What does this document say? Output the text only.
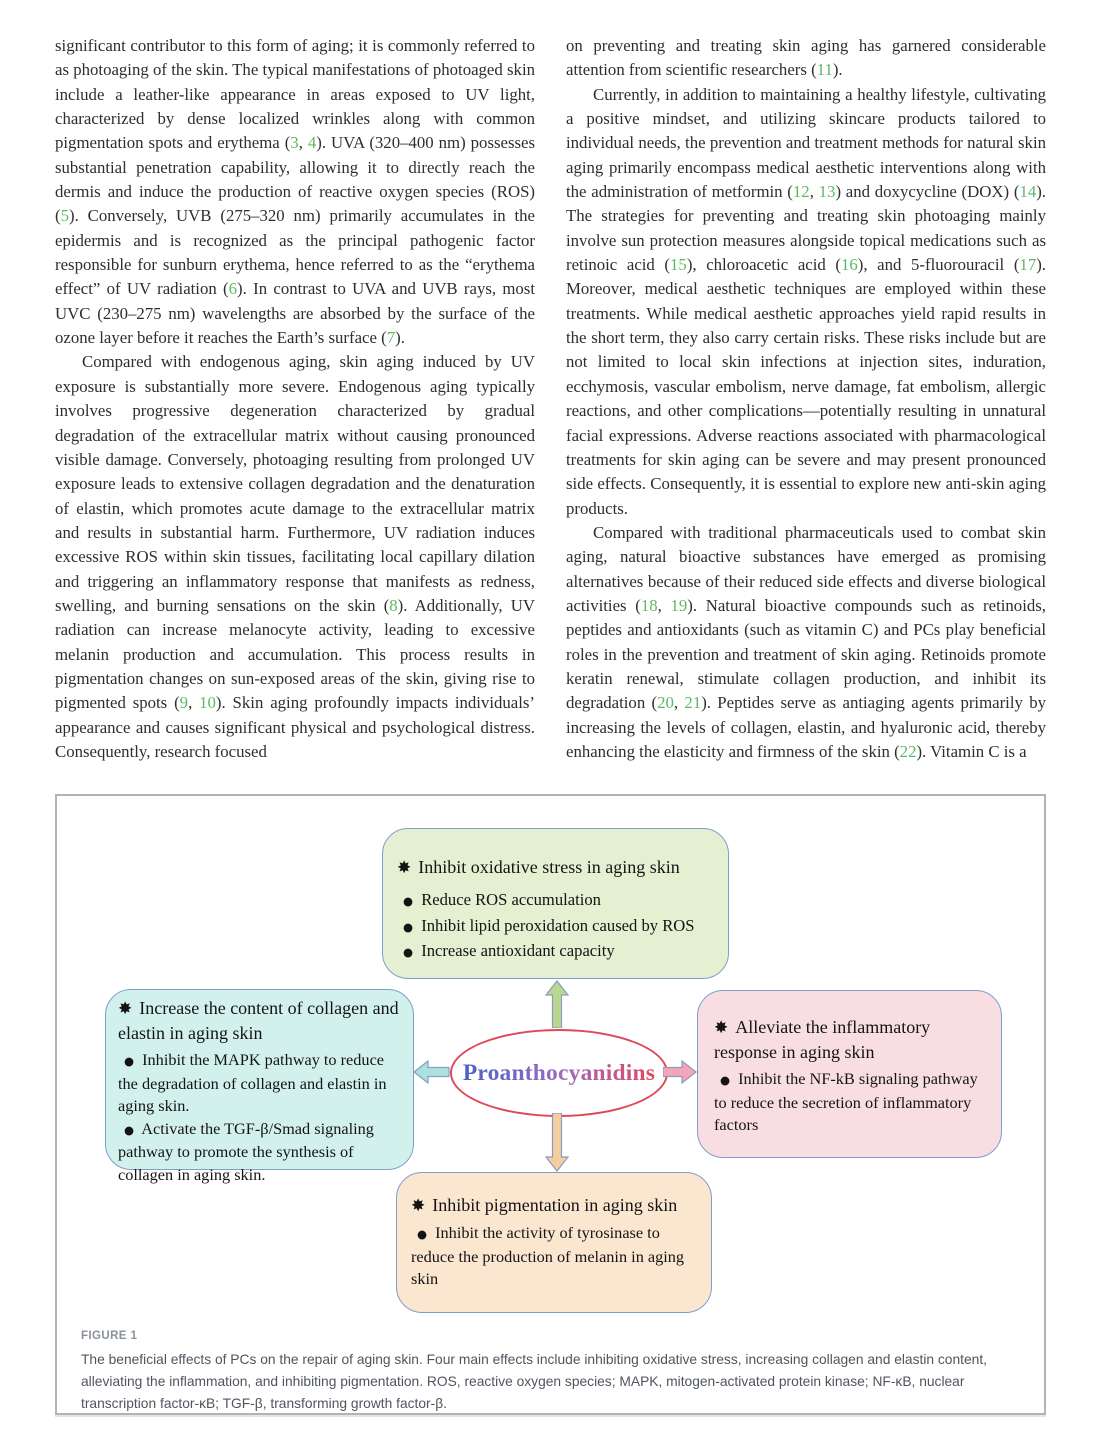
significant contributor to this form of aging; it is commonly referred to as photoaging of the skin. The typical manifestations of photoaged skin include a leather-like appearance in areas exposed to UV light, characterized by dense localized wrinkles along with common pigmentation spots and erythema (3, 4). UVA (320–400 nm) possesses substantial penetration capability, allowing it to directly reach the dermis and induce the production of reactive oxygen species (ROS) (5). Conversely, UVB (275–320 nm) primarily accumulates in the epidermis and is recognized as the principal pathogenic factor responsible for sunburn erythema, hence referred to as the “erythema effect” of UV radiation (6). In contrast to UVA and UVB rays, most UVC (230–275 nm) wavelengths are absorbed by the surface of the ozone layer before it reaches the Earth’s surface (7).

Compared with endogenous aging, skin aging induced by UV exposure is substantially more severe. Endogenous aging typically involves progressive degeneration characterized by gradual degradation of the extracellular matrix without causing pronounced visible damage. Conversely, photoaging resulting from prolonged UV exposure leads to extensive collagen degradation and the denaturation of elastin, which promotes acute damage to the extracellular matrix and results in substantial harm. Furthermore, UV radiation induces excessive ROS within skin tissues, facilitating local capillary dilation and triggering an inflammatory response that manifests as redness, swelling, and burning sensations on the skin (8). Additionally, UV radiation can increase melanocyte activity, leading to excessive melanin production and accumulation. This process results in pigmentation changes on sun-exposed areas of the skin, giving rise to pigmented spots (9, 10). Skin aging profoundly impacts individuals’ appearance and causes significant physical and psychological distress. Consequently, research focused

on preventing and treating skin aging has garnered considerable attention from scientific researchers (11).

Currently, in addition to maintaining a healthy lifestyle, cultivating a positive mindset, and utilizing skincare products tailored to individual needs, the prevention and treatment methods for natural skin aging primarily encompass medical aesthetic interventions along with the administration of metformin (12, 13) and doxycycline (DOX) (14). The strategies for preventing and treating skin photoaging mainly involve sun protection measures alongside topical medications such as retinoic acid (15), chloroacetic acid (16), and 5-fluorouracil (17). Moreover, medical aesthetic techniques are employed within these treatments. While medical aesthetic approaches yield rapid results in the short term, they also carry certain risks. These risks include but are not limited to local skin infections at injection sites, induration, ecchymosis, vascular embolism, nerve damage, fat embolism, allergic reactions, and other complications—potentially resulting in unnatural facial expressions. Adverse reactions associated with pharmacological treatments for skin aging can be severe and may present pronounced side effects. Consequently, it is essential to explore new anti-skin aging products.

Compared with traditional pharmaceuticals used to combat skin aging, natural bioactive substances have emerged as promising alternatives because of their reduced side effects and diverse biological activities (18, 19). Natural bioactive compounds such as retinoids, peptides and antioxidants (such as vitamin C) and PCs play beneficial roles in the prevention and treatment of skin aging. Retinoids promote keratin renewal, stimulate collagen production, and inhibit its degradation (20, 21). Peptides serve as antiaging agents primarily by increasing the levels of collagen, elastin, and hyaluronic acid, thereby enhancing the elasticity and firmness of the skin (22). Vitamin C is a

✸ Inhibit oxidative stress in aging skin
● Reduce ROS accumulation
● Inhibit lipid peroxidation caused by ROS
● Increase antioxidant capacity
✸ Increase the content of collagen and elastin in aging skin
● Inhibit the MAPK pathway to reduce the degradation of collagen and elastin in aging skin.
● Activate the TGF-β/Smad signaling pathway to promote the synthesis of collagen in aging skin.
✸ Alleviate the inflammatory response in aging skin
● Inhibit the NF-kB signaling pathway to reduce the secretion of inflammatory factors
✸ Inhibit pigmentation in aging skin
● Inhibit the activity of tyrosinase to reduce the production of melanin in aging skin
Proanthocyanidins
FIGURE 1
The beneficial effects of PCs on the repair of aging skin. Four main effects include inhibiting oxidative stress, increasing collagen and elastin content, alleviating the inflammation, and inhibiting pigmentation. ROS, reactive oxygen species; MAPK, mitogen-activated protein kinase; NF-κB, nuclear transcription factor-κB; TGF-β, transforming growth factor-β.
